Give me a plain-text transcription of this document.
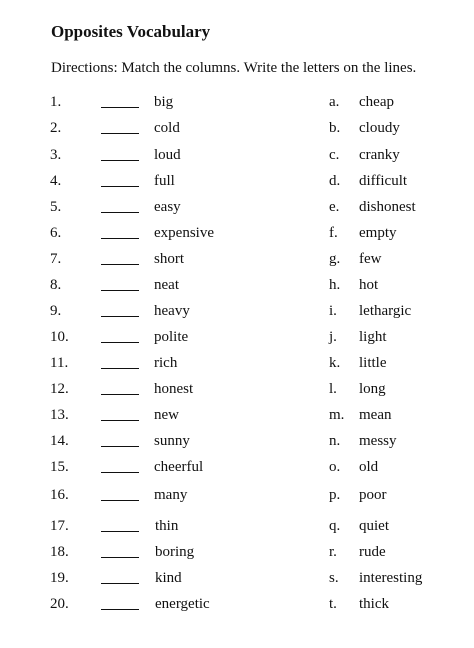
Opposites Vocabulary
Directions: Match the columns. Write the letters on the lines.
1.	big	a. cheap
2.	cold	b. cloudy
3.	loud	c. cranky
4.	full	d. difficult
5.	easy	e. dishonest
6.	expensive	f. empty
7.	short	g. few
8.	neat	h. hot
9.	heavy	i. lethargic
10.	polite	j. light
11.	rich	k. little
12.	honest	l. long
13.	new	m. mean
14.	sunny	n. messy
15.	cheerful	o. old
16.	many	p. poor
17.	thin	q. quiet
18.	boring	r. rude
19.	kind	s. interesting
20.	energetic	t. thick
